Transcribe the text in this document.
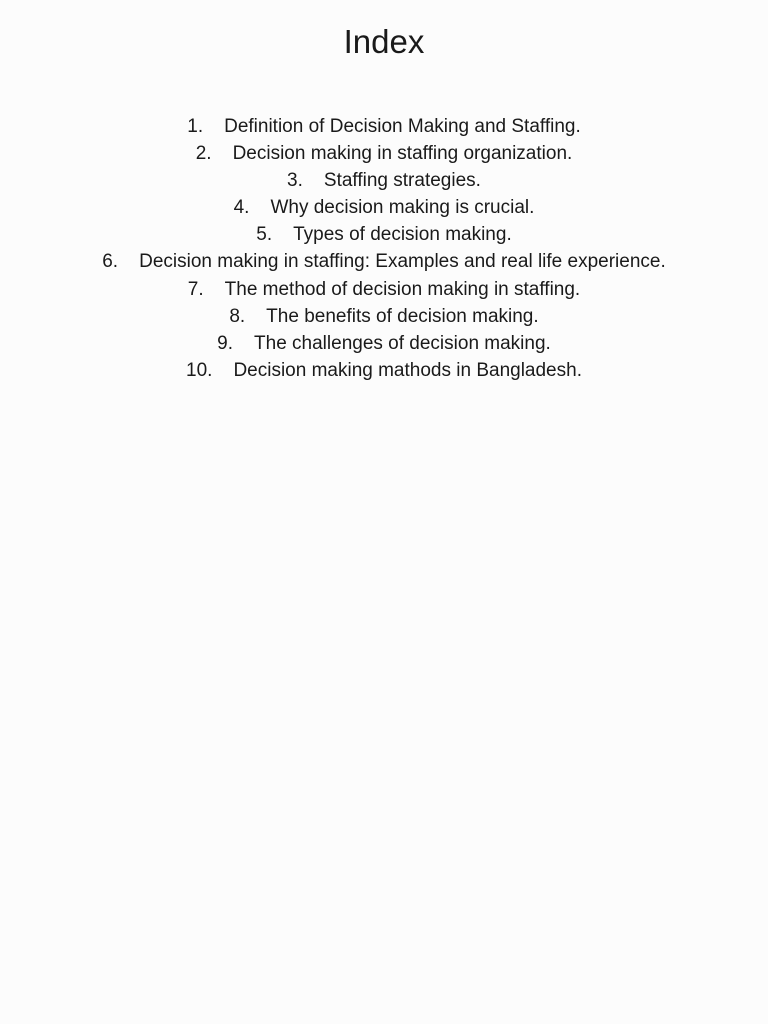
Index
1. Definition of Decision Making and Staffing.
2. Decision making in staffing organization.
3. Staffing strategies.
4. Why decision making is crucial.
5. Types of decision making.
6. Decision making in staffing: Examples and real life experience.
7. The method of decision making in staffing.
8. The benefits of decision making.
9. The challenges of decision making.
10. Decision making mathods in Bangladesh.
